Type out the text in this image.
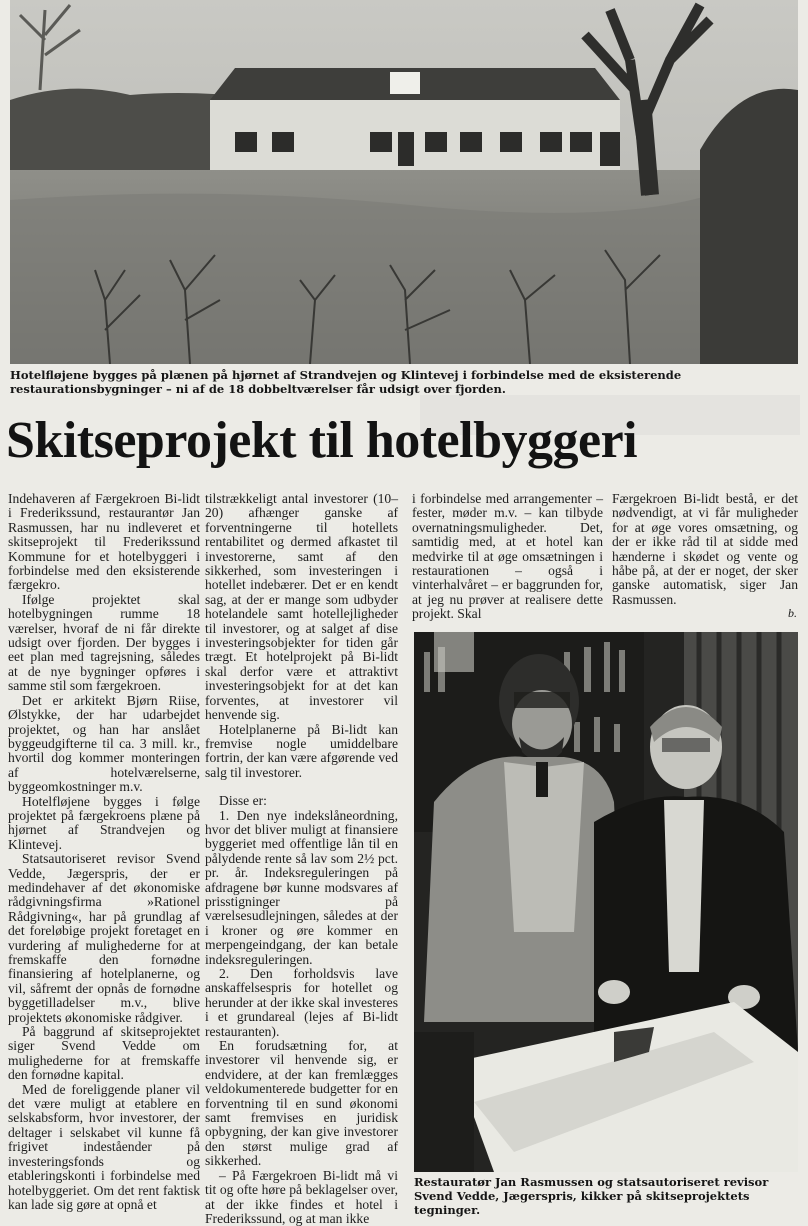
Hotelfløjene bygges på plænen på hjørnet af Strandvejen og Klintevej i forbindelse med de eksisterende restaurationsbygninger – ni af de 18 dobbeltværelser får udsigt over fjorden.
Skitseprojekt til hotelbyggeri

Indehaveren af Færgekroen Bi-lidt i Frederikssund, restaurantør Jan Rasmussen, har nu indleveret et skitseprojekt til Frederikssund Kommune for et hotelbyggeri i forbindelse med den eksisterende færgekro.

Ifølge projektet skal hotelbygningen rumme 18 værelser, hvoraf de ni får direkte udsigt over fjorden. Der bygges i eet plan med tagrejsning, således at de nye bygninger opføres i samme stil som færgekroen.

Det er arkitekt Bjørn Riise, Ølstykke, der har udarbejdet projektet, og han har anslået byggeudgifterne til ca. 3 mill. kr., hvortil dog kommer monteringen af hotelværelserne, byggeomkostninger m.v.

Hotelfløjene bygges i følge projektet på færgekroens plæne på hjørnet af Strandvejen og Klintevej.

Statsautoriseret revisor Svend Vedde, Jægerspris, der er medindehaver af det økonomiske rådgivningsfirma »Rationel Rådgivning«, har på grundlag af det foreløbige projekt foretaget en vurdering af mulighederne for at fremskaffe den fornødne finansiering af hotelplanerne, og vil, såfremt der opnås de fornødne byggetilladelser m.v., blive projektets økonomiske rådgiver.

På baggrund af skitseprojektet siger Svend Vedde om mulighederne for at fremskaffe den fornødne kapital.

Med de foreliggende planer vil det være muligt at etablere en selskabsform, hvor investorer, der deltager i selskabet vil kunne få frigivet indeståender på investeringsfonds og etableringskonti i forbindelse med hotelbyggeriet. Om det rent faktisk kan lade sig gøre at opnå et

tilstrækkeligt antal investorer (10–20) afhænger ganske af forventningerne til hotellets rentabilitet og dermed afkastet til investorerne, samt af den sikkerhed, som investeringen i hotellet indebærer. Det er en kendt sag, at der er mange som udbyder hotelandele samt hotellejligheder til investorer, og at salget af dise investeringsobjekter for tiden går trægt. Et hotelprojekt på Bi-lidt skal derfor være et attraktivt investeringsobjekt for at det kan forventes, at investorer vil henvende sig.

Hotelplanerne på Bi-lidt kan fremvise nogle umiddelbare fortrin, der kan være afgørende ved salg til investorer.

Disse er:

1. Den nye indekslåneordning, hvor det bliver muligt at finansiere byggeriet med offentlige lån til en pålydende rente så lav som 2½ pct. pr. år. Indeksreguleringen på afdragene bør kunne modsvares af prisstigninger på værelsesudlejningen, således at der i kroner og øre kommer en merpengeindgang, der kan betale indeksreguleringen.

2. Den forholdsvis lave anskaffelsespris for hotellet og herunder at der ikke skal investeres i et grundareal (lejes af Bi-lidt restauranten).

En forudsætning for, at investorer vil henvende sig, er endvidere, at der kan fremlægges veldokumenterede budgetter for en forventning til en sund økonomi samt fremvises en juridisk opbygning, der kan give investorer den størst mulige grad af sikkerhed.

– På Færgekroen Bi-lidt må vi tit og ofte høre på beklagelser over, at der ikke findes et hotel i Frederikssund, og at man ikke

i forbindelse med arrangementer – fester, møder m.v. – kan tilbyde overnatningsmuligheder. Det, samtidig med, at et hotel kan medvirke til at øge omsætningen i restaurationen – også i vinterhalvåret – er baggrunden for, at jeg nu prøver at realisere dette projekt. Skal

Færgekroen Bi-lidt bestå, er det nødvendigt, at vi får muligheder for at øge vores omsætning, og der er ikke råd til at sidde med hænderne i skødet og vente og håbe på, at der er noget, der sker ganske automatisk, siger Jan Rasmussen.

b.
Restauratør Jan Rasmussen og statsautoriseret revisor Svend Vedde, Jægerspris, kikker på skitseprojektets tegninger.
